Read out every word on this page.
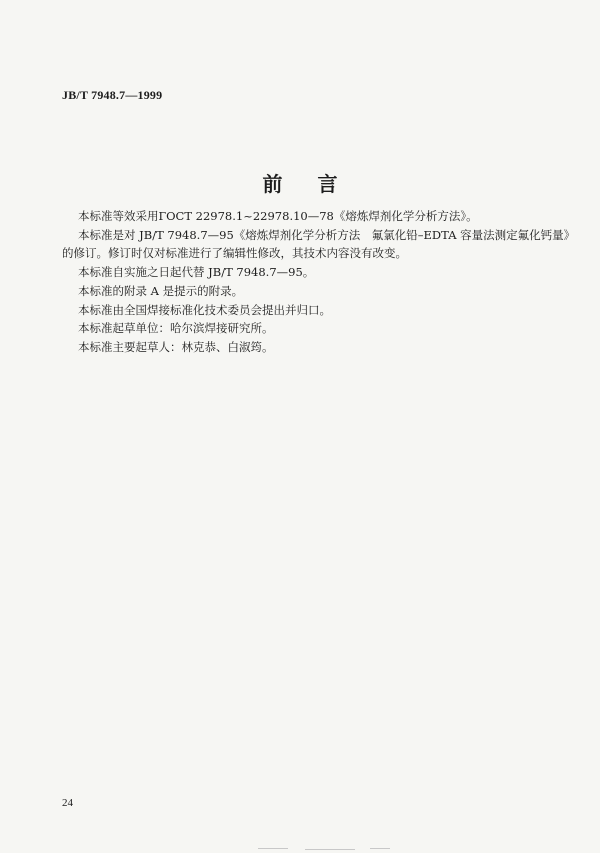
JB/T 7948.7—1999
前 言

本标准等效采用ГOCT 22978.1~22978.10—78《熔炼焊剂化学分析方法》。

本标准是对 JB/T 7948.7—95《熔炼焊剂化学分析方法　氟氯化铅–EDTA 容量法测定氟化钙量》

的修订。修订时仅对标准进行了编辑性修改，其技术内容没有改变。

本标准自实施之日起代替 JB/T 7948.7—95。

本标准的附录 A 是提示的附录。

本标准由全国焊接标准化技术委员会提出并归口。

本标准起草单位：哈尔滨焊接研究所。

本标准主要起草人：林克恭、白淑筠。

24
